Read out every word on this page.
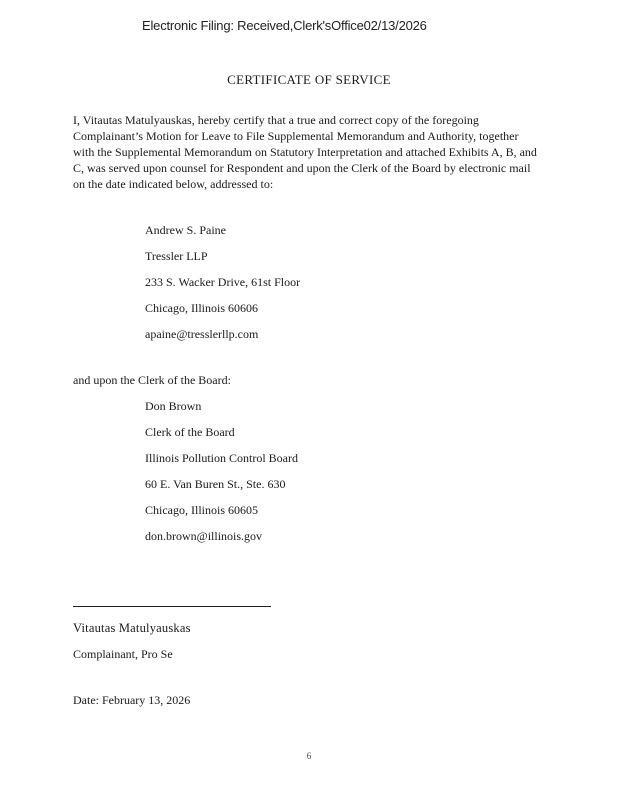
Electronic Filing: Received,Clerk'sOffice02/13/2026
CERTIFICATE OF SERVICE
I, Vitautas Matulyauskas, hereby certify that a true and correct copy of the foregoing
Complainant’s Motion for Leave to File Supplemental Memorandum and Authority, together
with the Supplemental Memorandum on Statutory Interpretation and attached Exhibits A, B, and
C, was served upon counsel for Respondent and upon the Clerk of the Board by electronic mail
on the date indicated below, addressed to:
Andrew S. Paine
Tressler LLP
233 S. Wacker Drive, 61st Floor
Chicago, Illinois 60606
apaine@tresslerllp.com
and upon the Clerk of the Board:
Don Brown
Clerk of the Board
Illinois Pollution Control Board
60 E. Van Buren St., Ste. 630
Chicago, Illinois 60605
don.brown@illinois.gov
Vitautas Matulyauskas
Complainant, Pro Se
Date: February 13, 2026
6
